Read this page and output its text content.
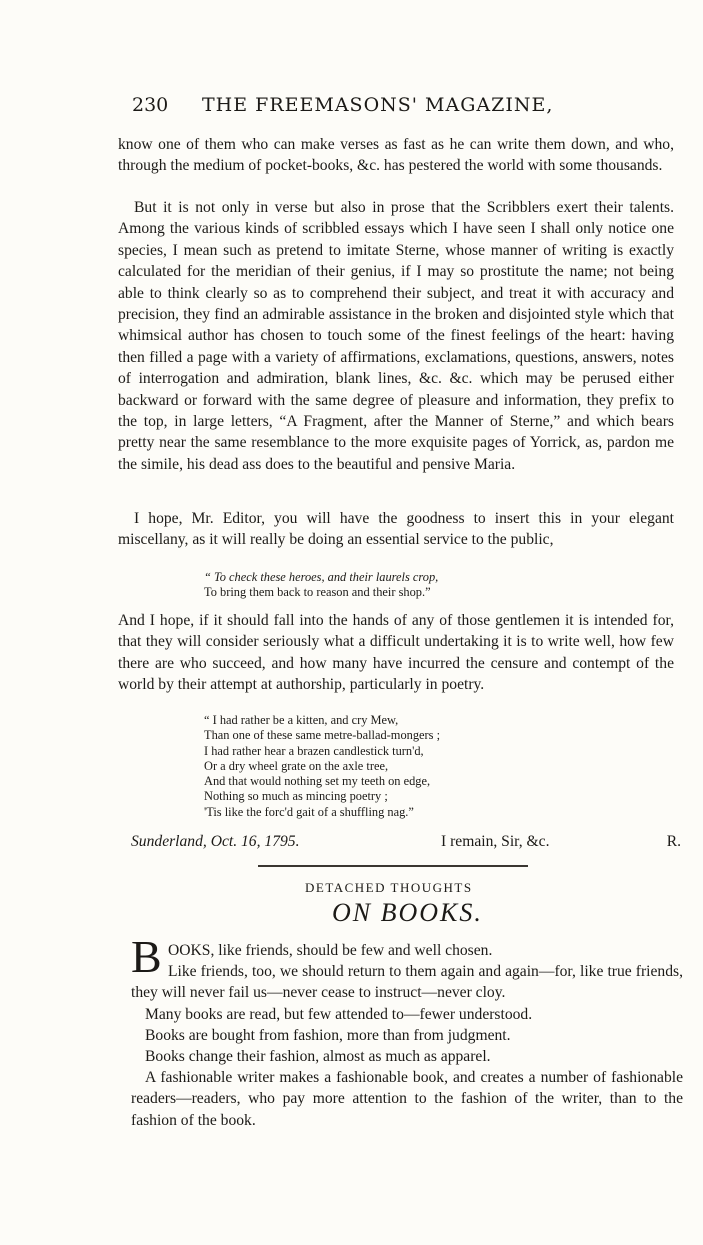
230 THE FREEMASONS' MAGAZINE,

know one of them who can make verses as fast as he can write them down, and who, through the medium of pocket-books, &c. has pestered the world with some thousands.

But it is not only in verse but also in prose that the Scribblers exert their talents. Among the various kinds of scribbled essays which I have seen I shall only notice one species, I mean such as pretend to imitate Sterne, whose manner of writing is exactly calculated for the meridian of their genius, if I may so prostitute the name; not being able to think clearly so as to comprehend their subject, and treat it with accuracy and precision, they find an admirable assistance in the broken and disjointed style which that whimsical author has chosen to touch some of the finest feelings of the heart: having then filled a page with a variety of affirmations, exclamations, questions, answers, notes of interrogation and admiration, blank lines, &c. &c. which may be perused either backward or forward with the same degree of pleasure and information, they prefix to the top, in large letters, “A Fragment, after the Manner of Sterne,” and which bears pretty near the same resemblance to the more exquisite pages of Yorrick, as, pardon me the simile, his dead ass does to the beautiful and pensive Maria.

I hope, Mr. Editor, you will have the goodness to insert this in your elegant miscellany, as it will really be doing an essential service to the public,

“ To check these heroes, and their laurels crop,
To bring them back to reason and their shop.”

And I hope, if it should fall into the hands of any of those gentlemen it is intended for, that they will consider seriously what a difficult undertaking it is to write well, how few there are who succeed, and how many have incurred the censure and contempt of the world by their attempt at authorship, particularly in poetry.

“ I had rather be a kitten, and cry Mew,
Than one of these same metre-ballad-mongers ;
I had rather hear a brazen candlestick turn'd,
Or a dry wheel grate on the axle tree,
And that would nothing set my teeth on edge,
Nothing so much as mincing poetry ;
'Tis like the forc'd gait of a shuffling nag.”
Sunderland, Oct. 16, 1795.	I remain, Sir, &c.	R.
DETACHED THOUGHTS
ON BOOKS.
B OOKS, like friends, should be few and well chosen.

Like friends, too, we should return to them again and again—for, like true friends, they will never fail us—never cease to instruct—never cloy.

Many books are read, but few attended to—fewer understood.

Books are bought from fashion, more than from judgment.

Books change their fashion, almost as much as apparel.

A fashionable writer makes a fashionable book, and creates a number of fashionable readers—readers, who pay more attention to the fashion of the writer, than to the fashion of the book.
